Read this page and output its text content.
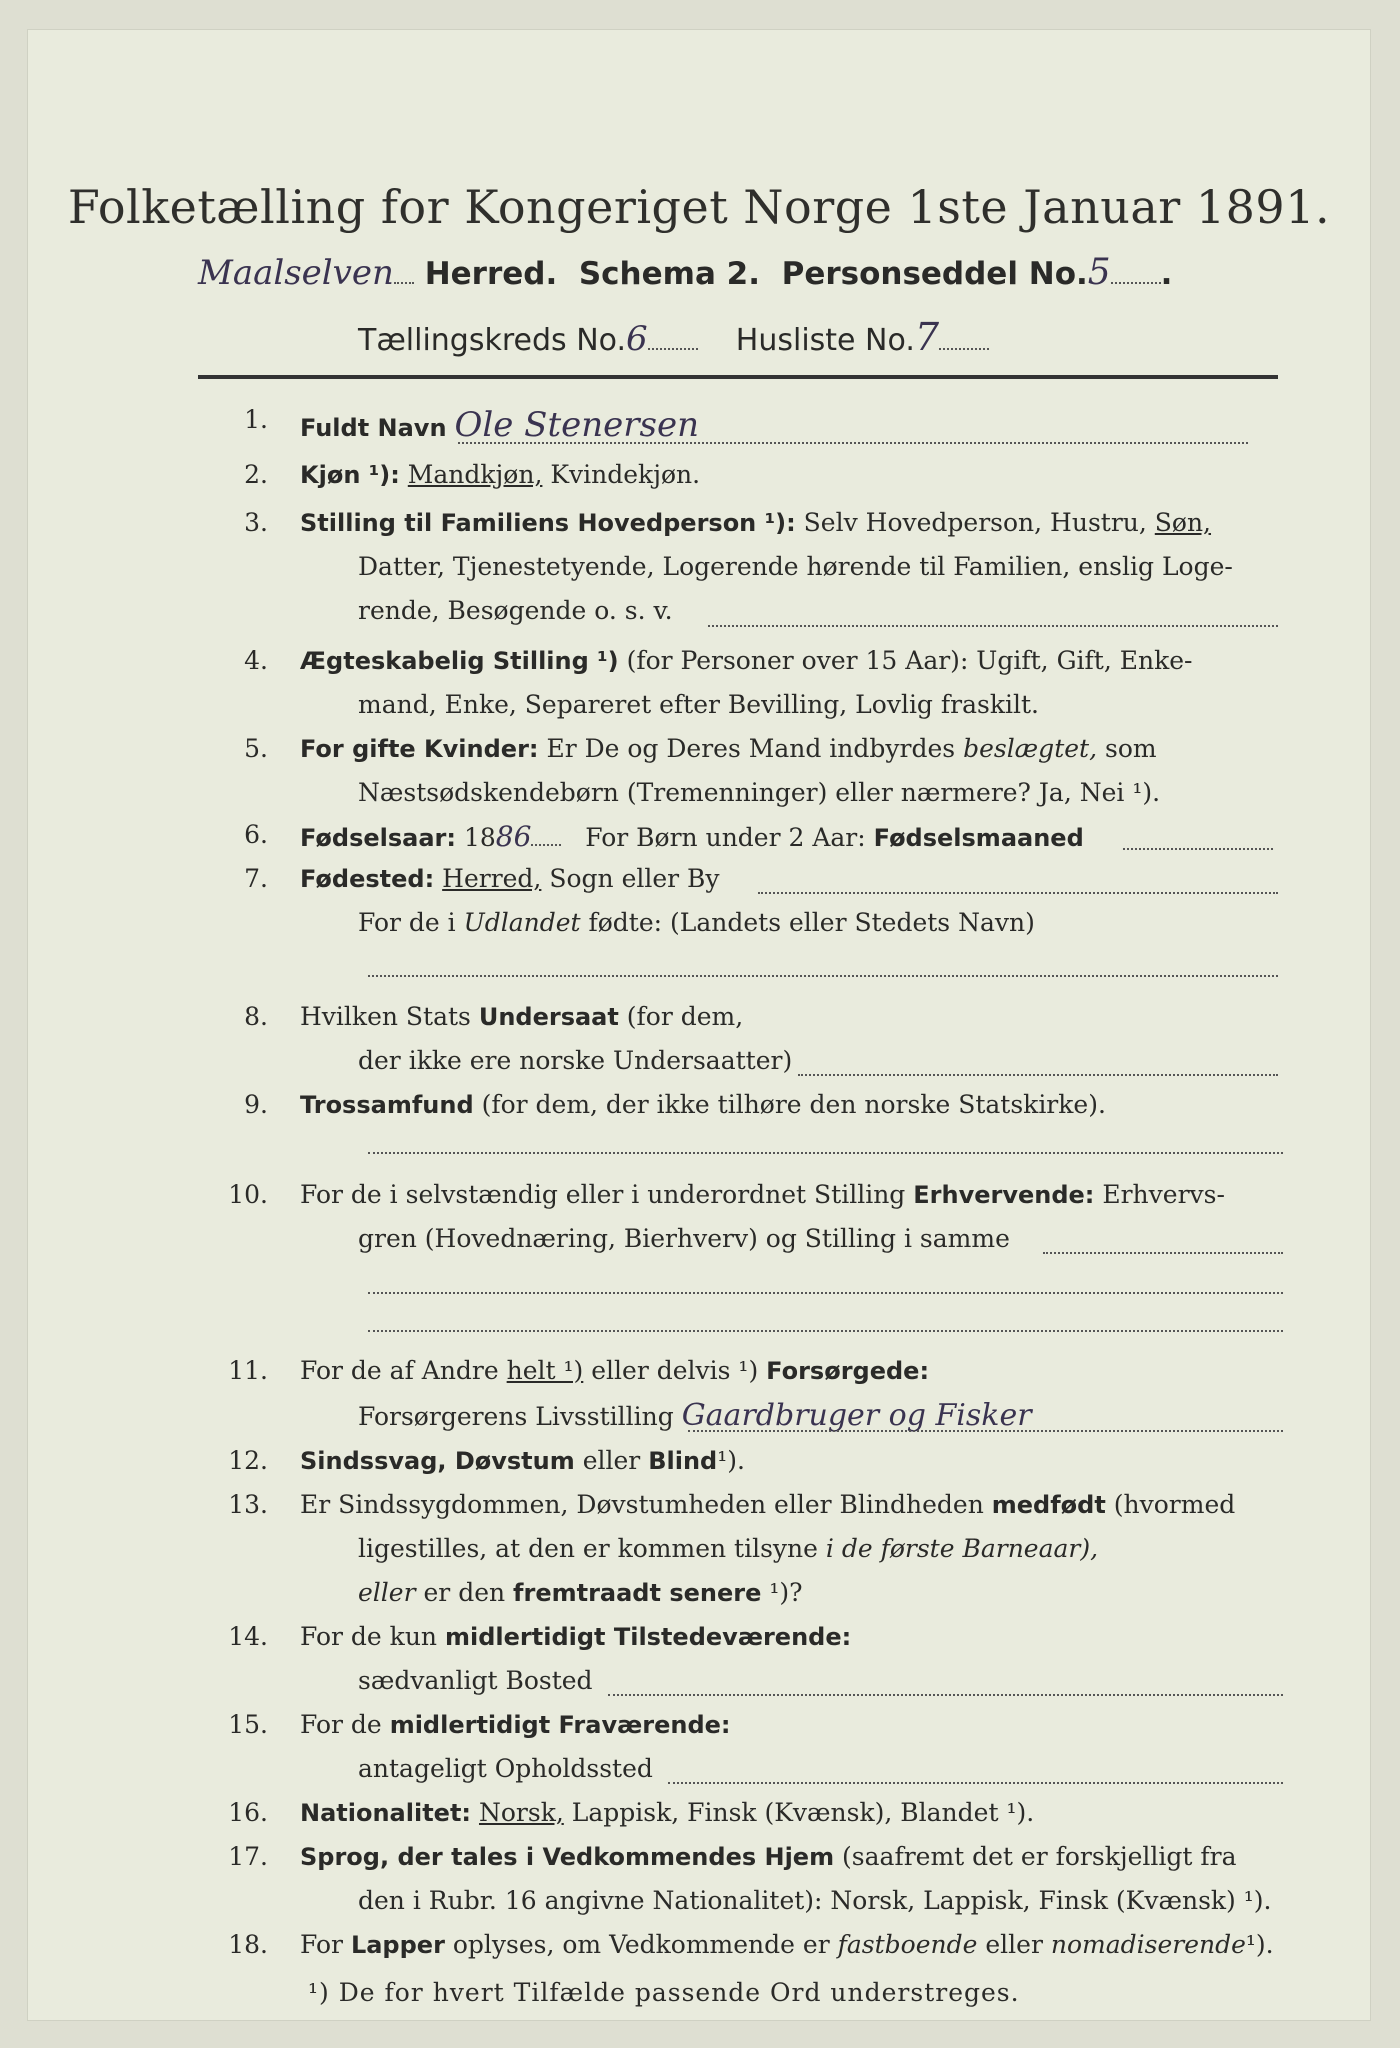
Folketælling for Kongeriget Norge 1ste Januar 1891.
Maalselven Herred. Schema 2. Personseddel No.5 .
Tællingskreds No.6	Husliste No.7
1. Fuldt Navn Ole Stenersen
2. Kjøn ¹): Mandkjøn, Kvindekjøn.
3. Stilling til Familiens Hovedperson ¹): Selv Hovedperson, Hustru, Søn,
Datter, Tjenestetyende, Logerende hørende til Familien, enslig Loge-
rende, Besøgende o. s. v.
4. Ægteskabelig Stilling ¹) (for Personer over 15 Aar): Ugift, Gift, Enke-
mand, Enke, Separeret efter Bevilling, Lovlig fraskilt.
5. For gifte Kvinder: Er De og Deres Mand indbyrdes beslægtet, som
Næstsødskendebørn (Tremenninger) eller nærmere? Ja, Nei ¹).
6. Fødselsaar: 1886 For Børn under 2 Aar: Fødselsmaaned
7. Fødested: Herred, Sogn eller By
For de i Udlandet fødte: (Landets eller Stedets Navn)
8. Hvilken Stats Undersaat (for dem,
der ikke ere norske Undersaatter)
9. Trossamfund (for dem, der ikke tilhøre den norske Statskirke).
10. For de i selvstændig eller i underordnet Stilling Erhvervende: Erhvervs-
gren (Hovednæring, Bierhverv) og Stilling i samme
11. For de af Andre helt ¹) eller delvis ¹) Forsørgede:
Forsørgerens Livsstilling Gaardbruger og Fisker
12. Sindssvag, Døvstum eller Blind¹).
13. Er Sindssygdommen, Døvstumheden eller Blindheden medfødt (hvormed
ligestilles, at den er kommen tilsyne i de første Barneaar),
eller er den fremtraadt senere ¹)?
14. For de kun midlertidigt Tilstedeværende:
sædvanligt Bosted
15. For de midlertidigt Fraværende:
antageligt Opholdssted
16. Nationalitet: Norsk, Lappisk, Finsk (Kvænsk), Blandet ¹).
17. Sprog, der tales i Vedkommendes Hjem (saafremt det er forskjelligt fra
den i Rubr. 16 angivne Nationalitet): Norsk, Lappisk, Finsk (Kvænsk) ¹).
18. For Lapper oplyses, om Vedkommende er fastboende eller nomadiserende¹).
¹) De for hvert Tilfælde passende Ord understreges.
